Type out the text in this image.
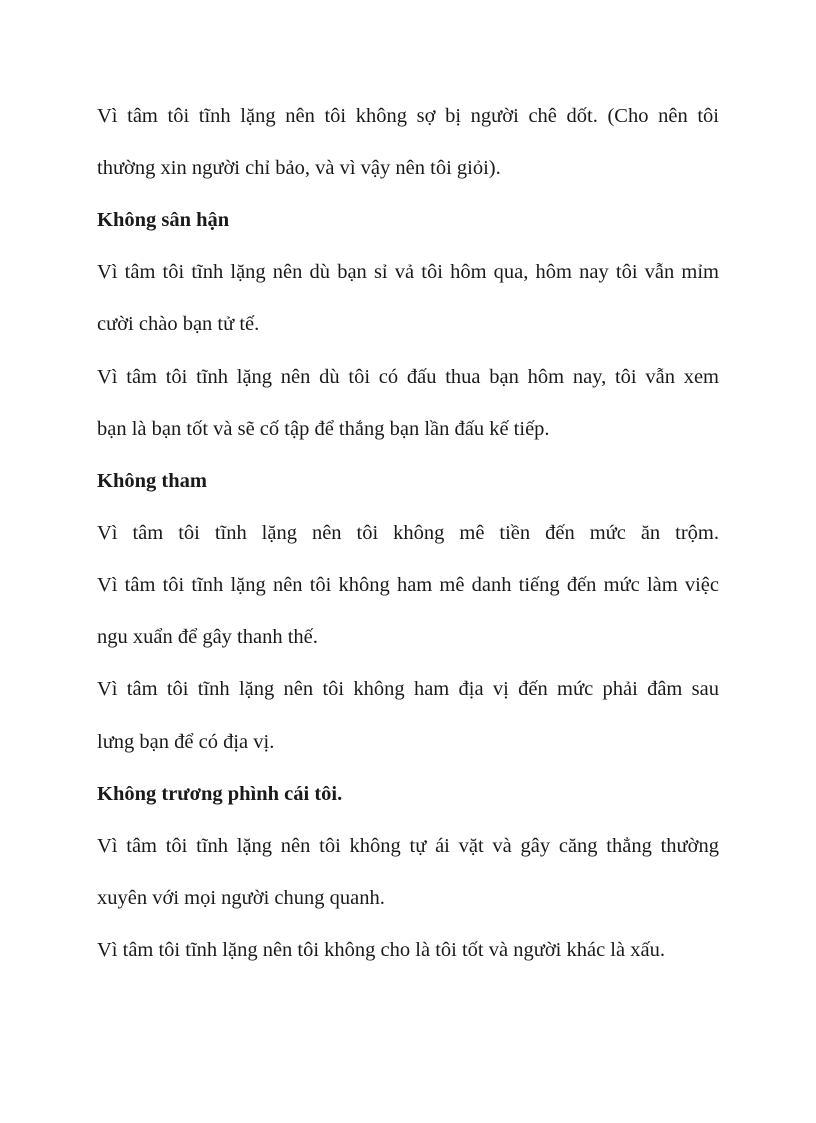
Vì tâm tôi tĩnh lặng nên tôi không sợ bị người chê dốt. (Cho nên tôi

thường xin người chỉ bảo, và vì vậy nên tôi giỏi).

Không sân hận

Vì tâm tôi tĩnh lặng nên dù bạn sỉ vả tôi hôm qua, hôm nay tôi vẫn mỉm

cười chào bạn tử tế.

Vì tâm tôi tĩnh lặng nên dù tôi có đấu thua bạn hôm nay, tôi vẫn xem

bạn là bạn tốt và sẽ cố tập để thắng bạn lần đấu kế tiếp.

Không tham

Vì tâm tôi tĩnh lặng nên tôi không mê tiền đến mức ăn trộm.

Vì tâm tôi tĩnh lặng nên tôi không ham mê danh tiếng đến mức làm việc

ngu xuẩn để gây thanh thế.

Vì tâm tôi tĩnh lặng nên tôi không ham địa vị đến mức phải đâm sau

lưng bạn để có địa vị.

Không trương phình cái tôi.

Vì tâm tôi tĩnh lặng nên tôi không tự ái vặt và gây căng thẳng thường

xuyên với mọi người chung quanh.

Vì tâm tôi tĩnh lặng nên tôi không cho là tôi tốt và người khác là xấu.
